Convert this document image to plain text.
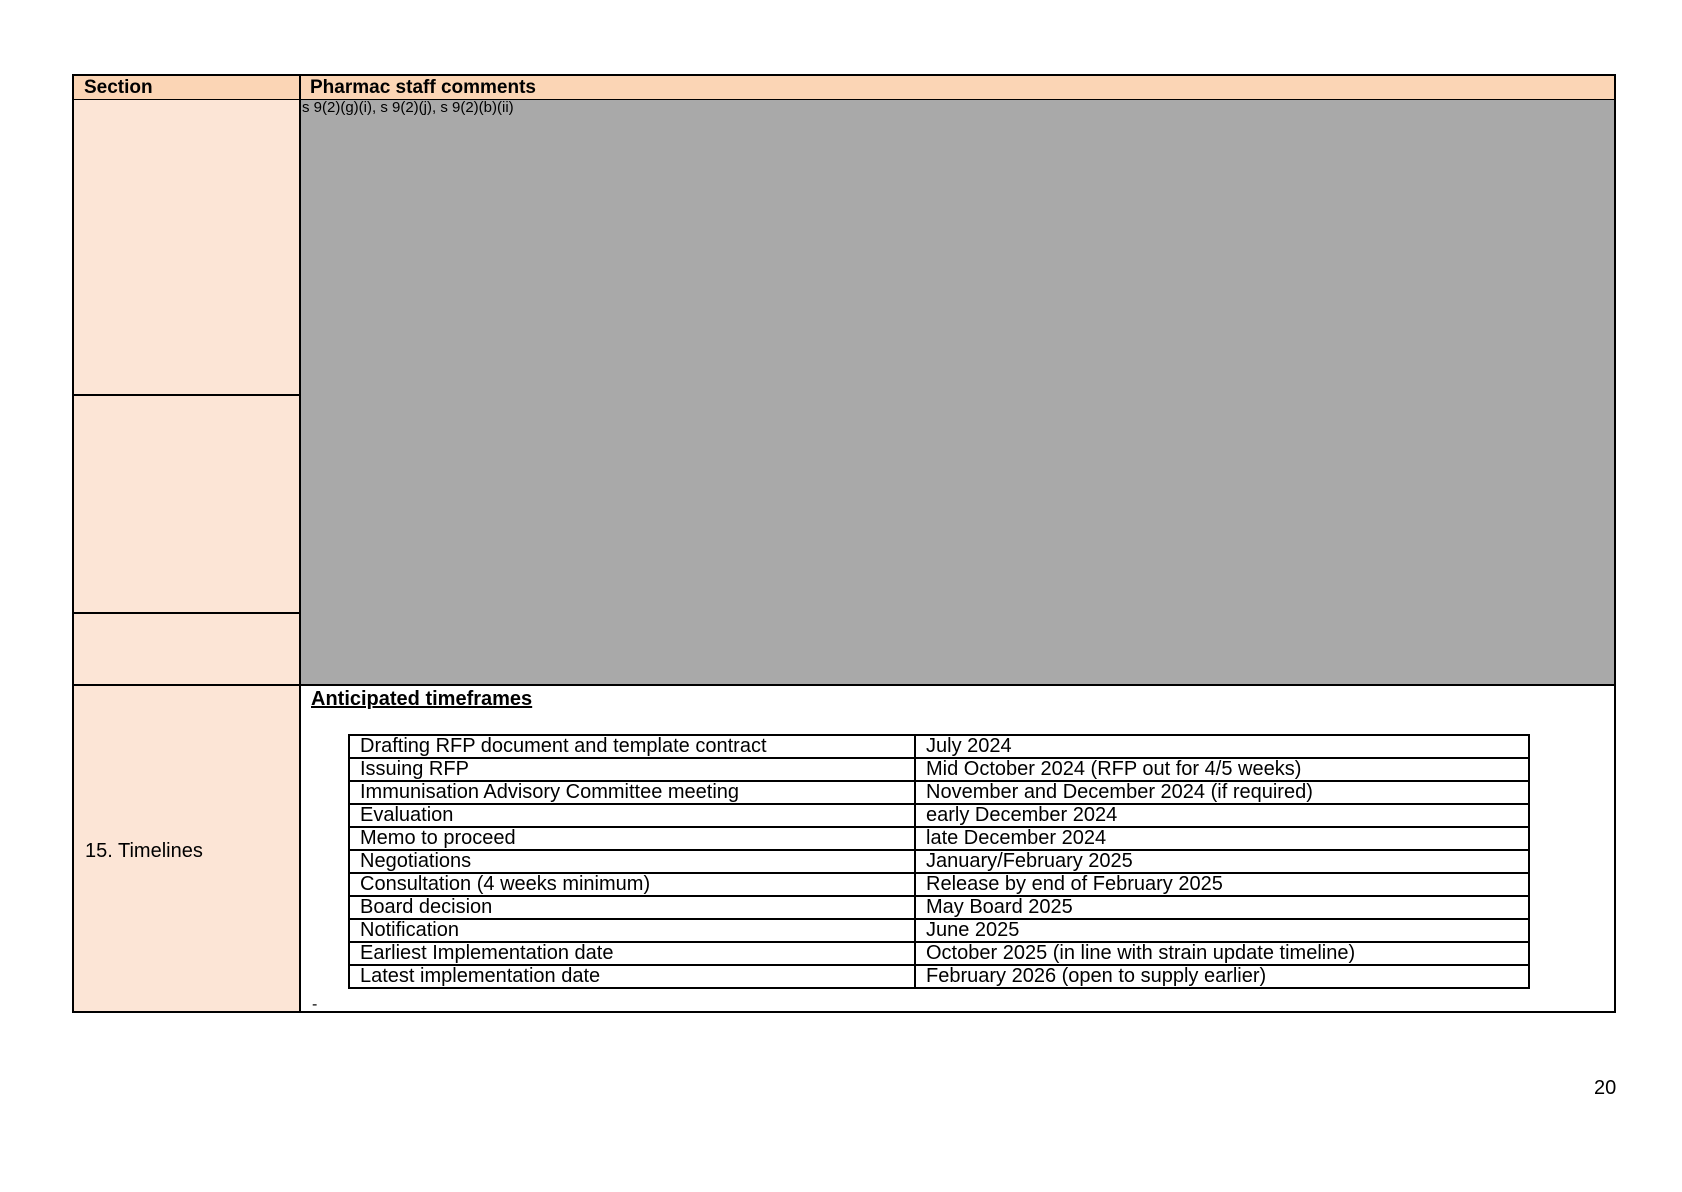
Section	Pharmac staff comments
s 9(2)(g)(i), s 9(2)(j), s 9(2)(b)(ii)
15. Timelines
Anticipated timeframes
-
Drafting RFP document and template contract	July 2024
Issuing RFP	Mid October 2024 (RFP out for 4/5 weeks)
Immunisation Advisory Committee meeting	November and December 2024 (if required)
Evaluation	early December 2024
Memo to proceed	late December 2024
Negotiations	January/February 2025
Consultation (4 weeks minimum)	Release by end of February 2025
Board decision	May Board 2025
Notification	June 2025
Earliest Implementation date	October 2025 (in line with strain update timeline)
Latest implementation date	February 2026 (open to supply earlier)
20
